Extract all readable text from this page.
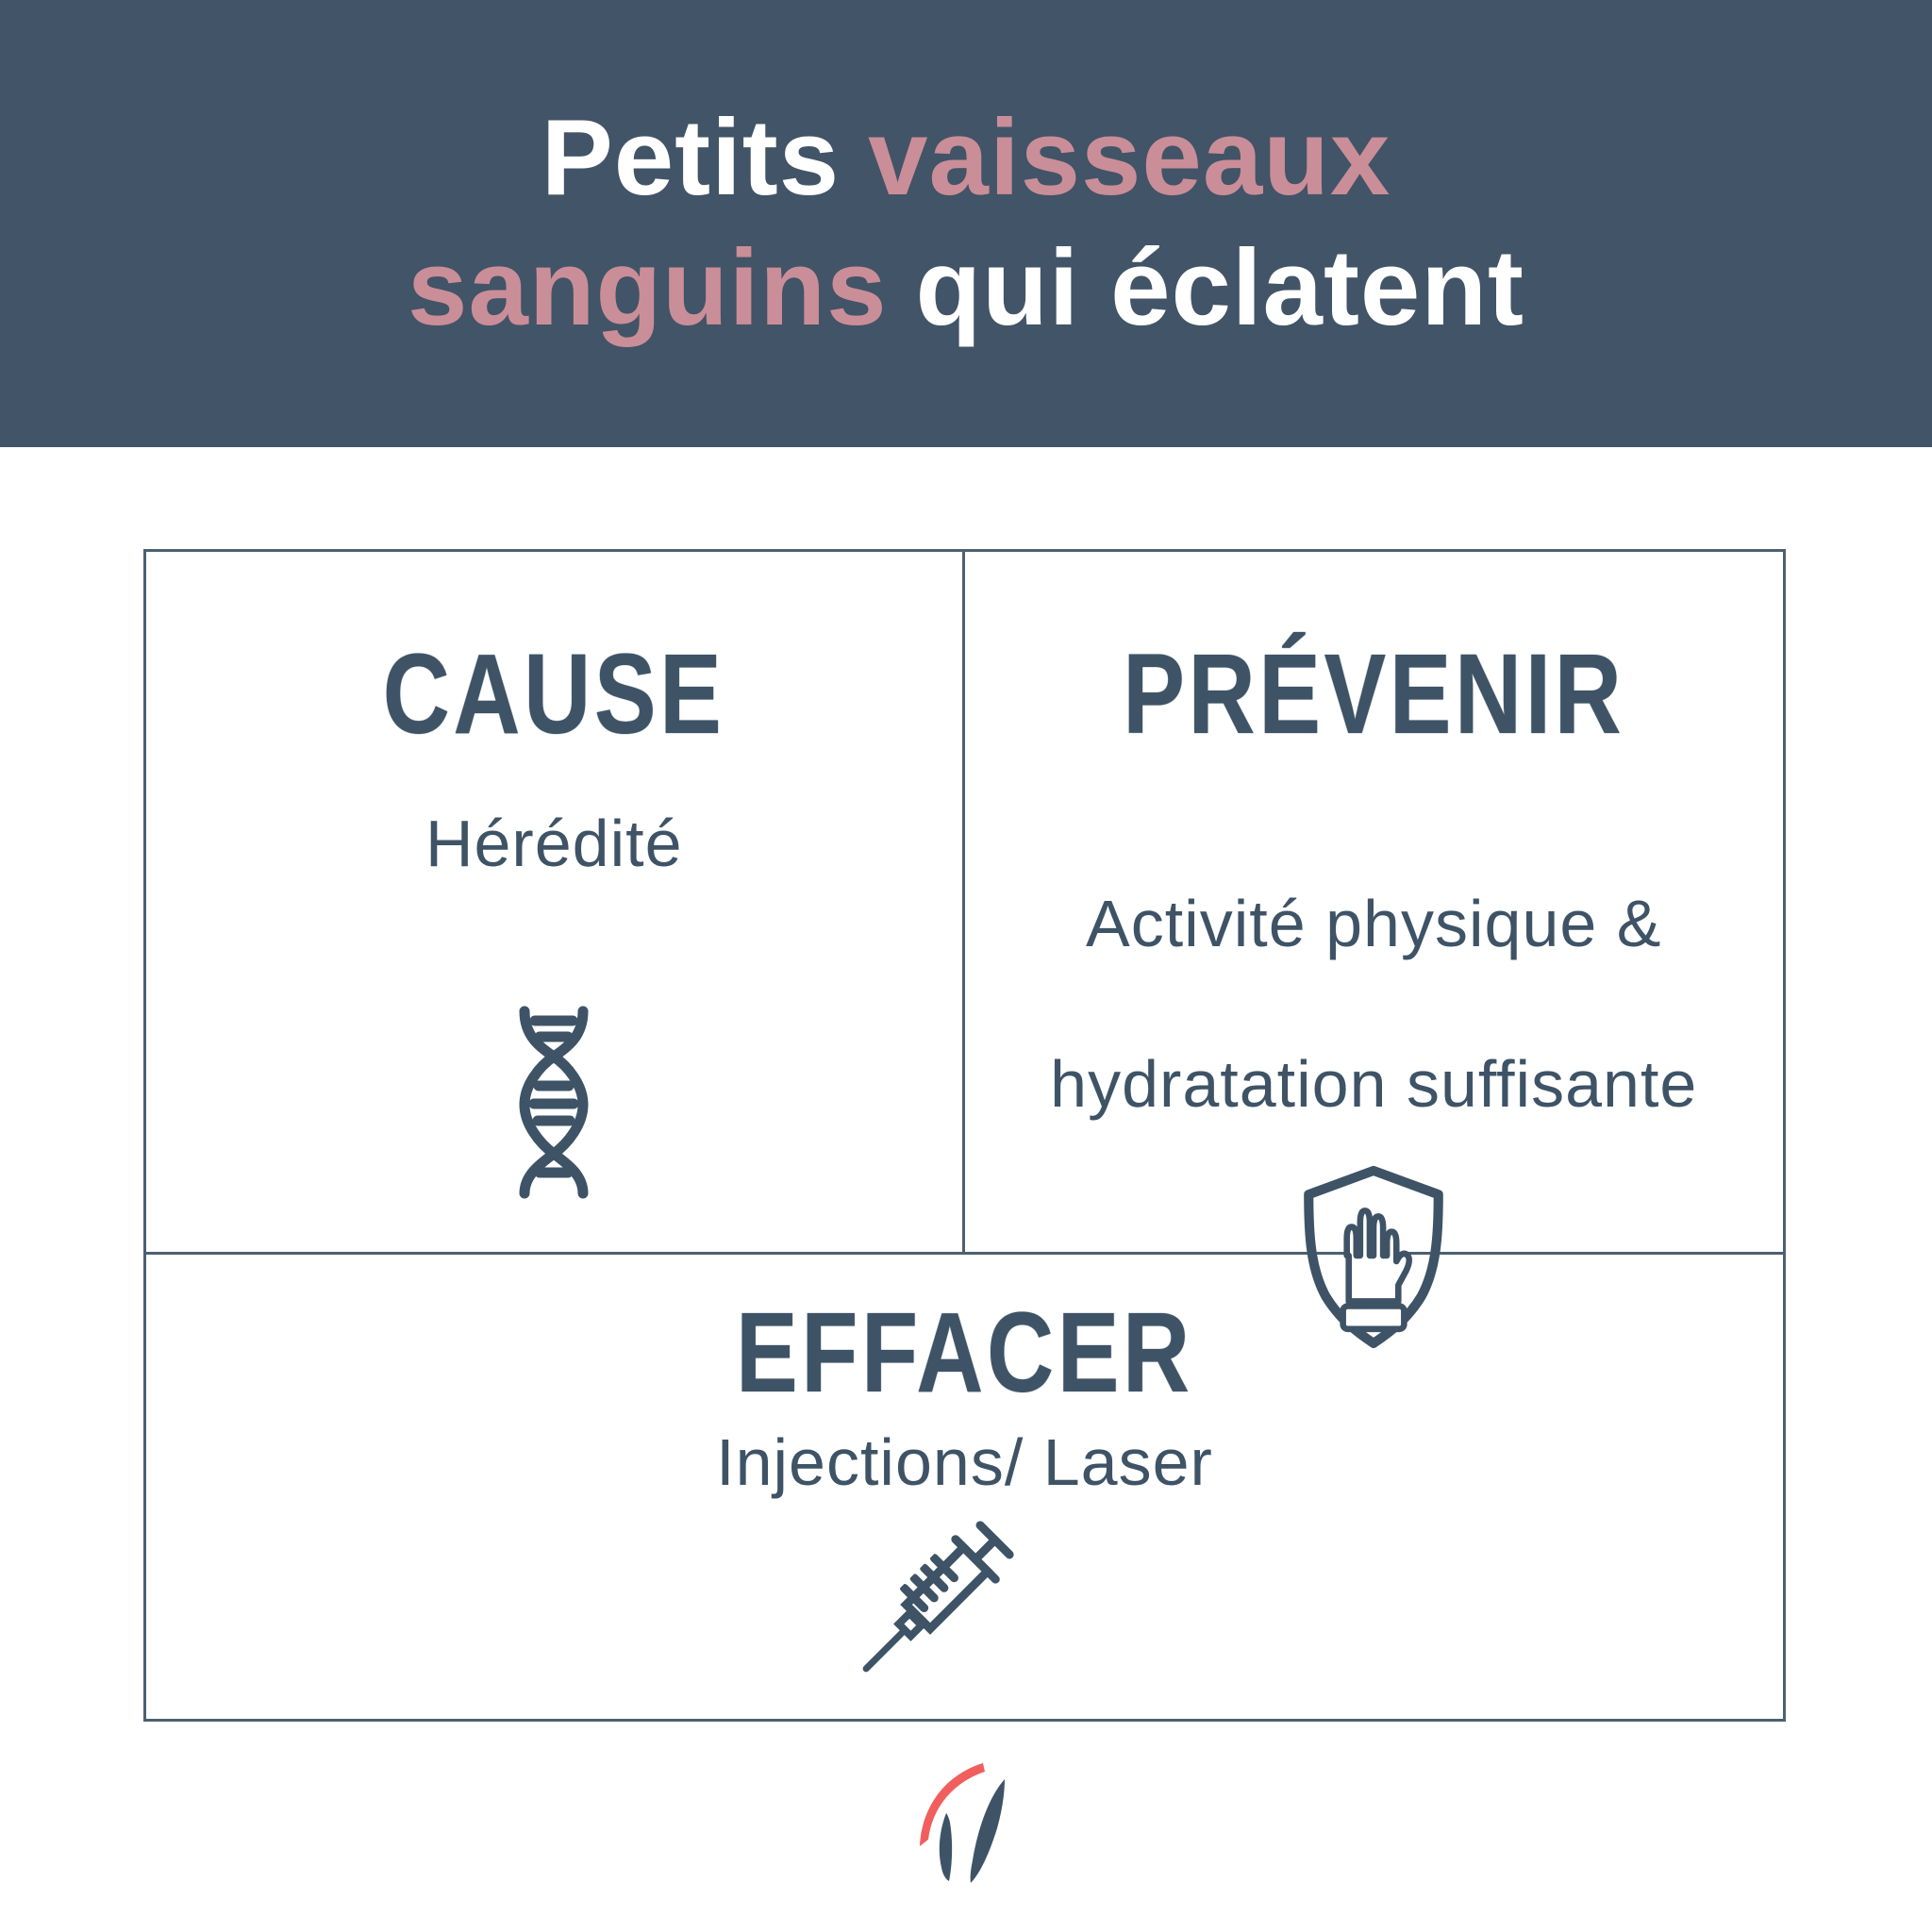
Petits vaisseaux
sanguins qui éclatent
CAUSE
Hérédité
PRÉVENIR

Activité physique &

hydratation suffisante

EFFACER
Injections/ Laser
